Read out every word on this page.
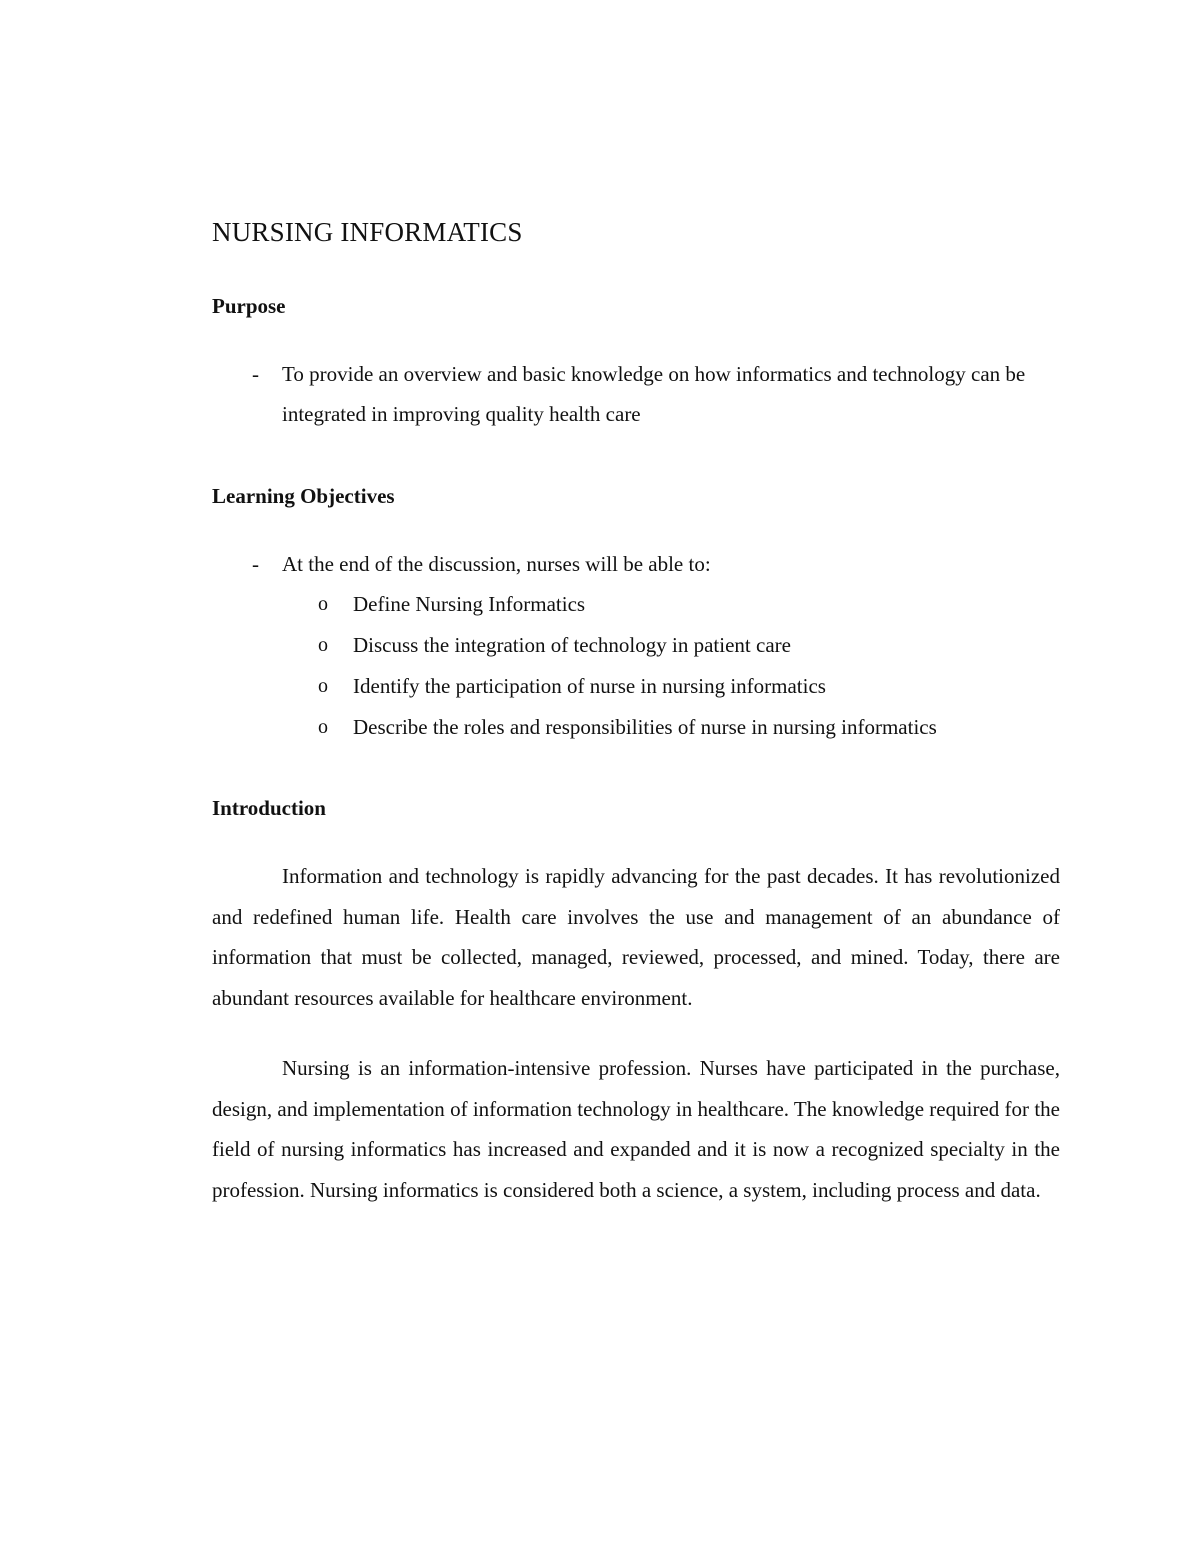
NURSING INFORMATICS
Purpose
- To provide an overview and basic knowledge on how informatics and technology can be integrated in improving quality health care
Learning Objectives
- At the end of the discussion, nurses will be able to:
o Define Nursing Informatics
o Discuss the integration of technology in patient care
o Identify the participation of nurse in nursing informatics
o Describe the roles and responsibilities of nurse in nursing informatics
Introduction

Information and technology is rapidly advancing for the past decades. It has revolutionized and redefined human life. Health care involves the use and management of an abundance of information that must be collected, managed, reviewed, processed, and mined. Today, there are abundant resources available for healthcare environment.

Nursing is an information-intensive profession. Nurses have participated in the purchase, design, and implementation of information technology in healthcare. The knowledge required for the field of nursing informatics has increased and expanded and it is now a recognized specialty in the profession. Nursing informatics is considered both a science, a system, including process and data.
